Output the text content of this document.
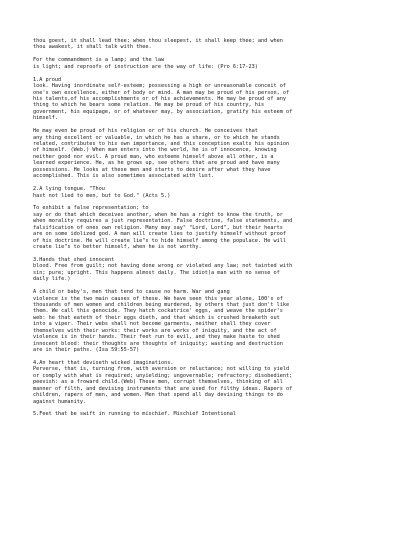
thou goest, it shall lead thee; when thou sleepest, it shall keep thee; and when
thou awakest, it shall talk with thee.
For the commandment is a lamp; and the law
is light; and reproofs of instruction are the way of life: (Pro 6:17-23)
1.A proud
look. Having inordinate self-esteem; possessing a high or unreasonable conceit of
one's own excellence, either of body or mind. A man may be proud of his person, of
his talents,of his accomplishments or of his achievements. He may be proud of any
thing to which he bears some relation. He may be proud of his country, his
government, his equipage, or of whatever may, by association, gratify his esteem of
himself.
He may even be proud of his religion or of his church. He conceives that
any thing excellent or valuable, in which he has a share, or to which he stands
related, contributes to his own importance, and this conception exalts his opinion
of himself. (Web.) When man enters into the world, he is of innocence, knowing
neither good nor evil. A proud man, who esteems himself above all other, is a
learned experience. He, as he grows up, see others that are proud and have many
possessions. He looks at these men and starts to desire after what they have
accomplished. This is also sometimes associated with lust.
2.A lying tongue. "Thou
hast not lied to men, but to God." (Acts 5.)
To exhibit a false representation; to
say or do that which deceives another, when he has a right to know the truth, or
when morality requires a just representation. False doctrine, false statements, and
falsification of ones own religion. Many may say" "Lord, Lord", but their hearts
are on some idolized god. A man will create lies to justify himself without proof
of his doctrine. He will create lie"s to hide himself among the populace. He will
create lie"s to better himself, when he is not worthy.
3.Hands that shed innocent
blood. Free from guilt; not having done wrong or violated any law; not tainted with
sin; pure; upright. This happens almost daily. The idiot(a man with no sense of
daily life.)
A child or baby's, men that tend to cause no harm. War and gang
violence is the two main causes of these. We have seen this year alone, 100's of
thousands of men women and children being murdered, by others that just don't like
them. We call this genocide. They hatch cockatrice' eggs, and weave the spider's
web: he that eateth of their eggs dieth, and that which is crushed breaketh out
into a viper. Their webs shall not become garments, neither shall they cover
themselves with their works: their works are works of iniquity, and the act of
violence is in their hands. Their feet run to evil, and they make haste to shed
innocent blood: their thoughts are thoughts of iniquity; wasting and destruction
are in their paths. (Isa 59:55-57)
4.An heart that deviseth wicked imaginations.
Perverse, that is, turning from, with aversion or reluctance; not willing to yield
or comply with what is required; unyielding; ungovernable; refractory; disobedient;
peevish: as a froward child.(Web) These men, corrupt themselves, thinking of all
manner of filth, and devising instruments that are used for filthy ideas. Rapers of
children, rapers of men, and women. Men that spend all day devising things to do
against humanity.
5.Feet that be swift in running to mischief. Mischief Intentional
